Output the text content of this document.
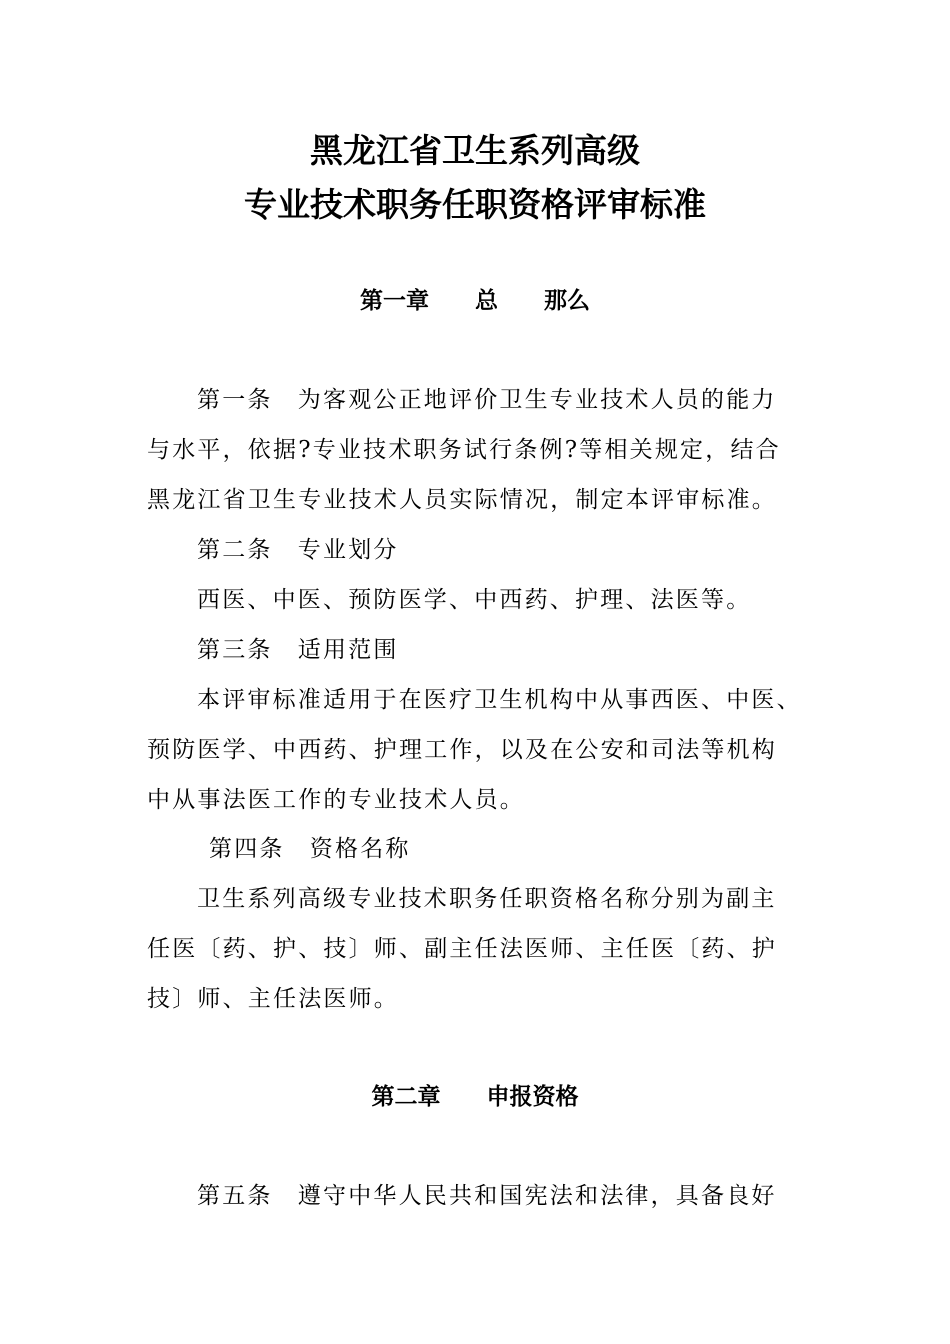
黑龙江省卫生系列高级
专业技术职务任职资格评审标准
第一章　　总　　那么
第一条　为客观公正地评价卫生专业技术人员的能力
与水平，依据?专业技术职务试行条例?等相关规定，结合
黑龙江省卫生专业技术人员实际情况，制定本评审标准。
第二条　专业划分
西医、中医、预防医学、中西药、护理、法医等。
第三条　适用范围
本评审标准适用于在医疗卫生机构中从事西医、中医、
预防医学、中西药、护理工作，以及在公安和司法等机构
中从事法医工作的专业技术人员。
第四条　资格名称
卫生系列高级专业技术职务任职资格名称分别为副主
任医〔药、护、技〕师、副主任法医师、主任医〔药、护
技〕师、主任法医师。
第二章　　申报资格
第五条　遵守中华人民共和国宪法和法律，具备良好
